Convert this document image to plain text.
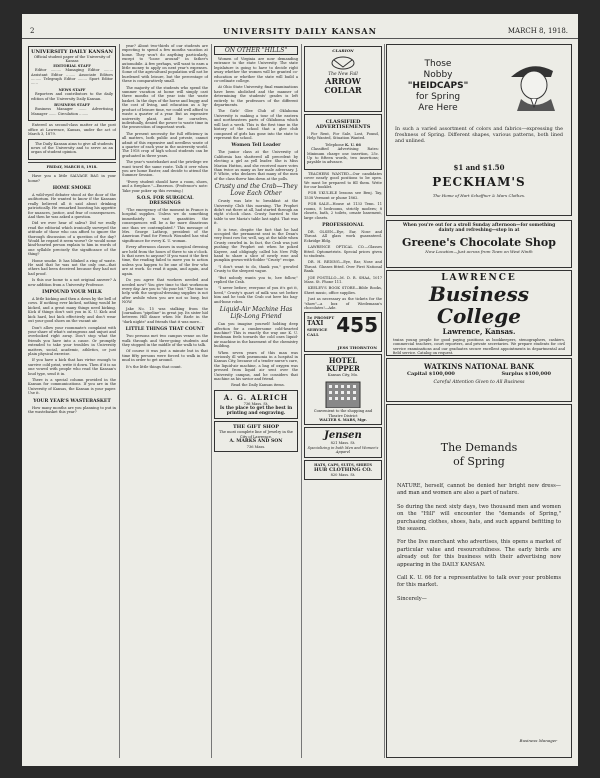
2	UNIVERSITY DAILY KANSAN	MARCH 8, 1918.
UNIVERSITY DAILY KANSAN
Official student paper of the University of Kansas
EDITORIAL STAFF

Editor ......... Managing Editor ........ Assistant Editor ........ Associate Editors ......... Telegraph Editor ........ Sport Editor ......

NEWS STAFF

Reporters and contributors to the daily edition of the University Daily Kansan.

BUSINESS STAFF

Business Manager ....... Advertising Manager ....... Circulation ........

Entered as second-class matter at the post office at Lawrence, Kansas, under the act of March 3, 1879.

The Daily Kansan aims to give all students news of the University and to serve as an organ of student opinion.

FRIDAY, MARCH 8, 1918.

Have you a little SALVAGE BAG in your home?

HOME SMOKE

A wild-eyed debater stood at the door of the auditorium. He wanted to know if the Kansans really believed all it said about drinking patriotically. He remarked boosting his appetite for nuances, justice, and fear of consequences. And then he was asked a question.

Did we ever hear of saliva? Did we really read the editorial which ironically surveyed the attitude of those who can afford to ignore the thorough discussion of a question of the day? Would he regard it seem worse? Or would some kind-hearted person explain to him in words of one syllable precisely the significance of the thing?

Home smoke. It has blinked a ring of waste. He said that he was not the only one—that others had been deceived because they had not had proof.

Is this our home to a not original answer? A new addition from a University Professor.

IMPOUND YOUR MILK

A little kicking and then a down by the bell of cows. If nothing ever kicked, nothing would be kicked, and a great many things need kicking. Kick if things don't suit you in K. U. Kick and kick hard, but kick effectively and don't wear out your good shoes on the vacant air.

Don't allow your roommate's complaint with your share of what's outrageous and unjust and overlooked right away. Don't stop what the friends you have into a cause. Or promptly extended to take your troubles in University matters, social, academic, athletics, or just plain physical exercise.

If you have a kick that has virtue enough to survive cold print, write it down. Then if it is no one vowed with people who read the Kansan's loud type, send it in.

There is a special column provided in the Kansan for communications. If you are in the University of Kansas, the Kansan is your paper. Use it.

YOUR YEAR'S WASTEBASKET

How many months are you planning to put in the wastebasket this year?

year? About two-thirds of our students are expecting to spend a few months vacation at home. They won't do anything particularly, except to "loose around" in father's automobile. A few perhaps, will want to earn a little money to apply on next year's expenses. Some of the agricultural population will not be burdened with leisure, but the percentage of these is comparatively small.

The majority of the students who spend the summer vacation at home will simply cast three months of the year into the waste basket. In the days of the horse and buggy and the cost of living, and education as a by-product of leisure time, we could well afford to waste a quarter of a year. But as expensive university plant, and for ourselves, individually, denied the power to waste time in the prosecution of important work.

The present necessity for full efficiency in all matters, both public and private, cannot admit of this expensive and needless waste of a quarter of each year in the university world. The 1918 crop of high school students can be graduated in three years.

The year's wastebasket and the privilege we want travel the same route. Talk it over when you are home Easter, and decide to attend the Summer Session.

"Every student should have a room, shoes, and a fireplace."—Emerson. (Professor's note: Take your poker up this evening.)

S.O.S. FOR SURGICAL DRESSINGS

"The emergency of the moment in France is hospital supplies. Unless we do something immediately in vast quantities the consequences will be a far more disastrous one than we contemplated." This message of Mrs. George Lathrop, president of the American Fund for French Wounded has vital significance for every K. U. woman.

Every afternoon classes in surgical dressing are held from the hours of three to six o'clock. Is that news to anyone? If you want it the first time, the reading failed to move you to action unless you happen to be one of the few who are at work. So read it again, and again, and again.

Do you agree that workers needed and needed now? You give time to that workroom every day. Are you to "do your bit." The time to help with the surgical-dressing supplies is not after awhile when you are not so busy, but NOW.

Jake No. 15 was stalking from the Journalism "pipeline" in great joy. Its sister hid between Hill dance when Mr. Earle in the "dark nights" and friends that it was more...

LITTLE THINGS THAT COUNT

Two persons met two campus venue on the walk through and three-going students and they stopped in the middle of the walk to talk.

Of course it was just a minute but in that time fifty persons were forced to walk in the mud in order to get around.

It's the little things that count.

ON OTHER "HILLS"

Women of Virginia are now demanding entrance to the state University. The state legislature is going to have to decide right away whether the women will be granted co-education or whether the state will build a co-ordinate college.

At Ohio State University, final examinations have been abolished and the manner of determining the students' grades is left entirely to the professors of the different departments.

The Girls' Glee Club of Oklahoma University is making a tour of the eastern and northeastern parts of Oklahoma which will last a week. This is the first time in the history of the school that a glee club composed of girls has gone into the state to represent the school.

Women Tell Leader

The junior class at the University of California has shattered all precedent by electing a girl as yell leader. She is Miss Marion Hutton, and she received more votes than twice as many as her male adversary. J. P. White, who declares that many of the men of the class threw him down at the polls.

Crusty and the Crab—They Love Each Other

Crusty was late to breakfast at the University Club this morning. The Prophet didn't eat there at all, had started through an eight o'clock class. Crusty hurried to the table to see Maria's table last night. That was it.

It is true, despite the fact that he had occupied the permanent seat in the Dean's very front row for, well, say, at the table when Crusty crawled in. In fact, the Crab was just pushing the Prophet out when he poked Kayeee, and obligingly called his New Pilly hand to share a slice of newly rose and pumpkin grown-with-fodder "Crusty" recipe.

"I don't want to do, thank you," growled Crusty to the sleepest vague.

"But nobody wants you to, hee follow," replied the Crab.

"I never before; everyone of you it's got it, heed," Crusty's quart of milk was set before him and he took the Crab out here his bag-and-bone robes.

Liquid-Air Machine Has Life-Long Friend

Can you imagine yourself holding deep affection for a cumbersome cold-hearted machine? This is exactly the way one K. U. freshman feels towards the cold ones liquid-air machine in the basement of the chemistry building.

When seven years of this man was seriously ill with pneumonia in a hospital in Kansas City, because of a tender nurse's care, the liquid-air machine, a bag of oxygen was pressed from liquid air sent over the University campus, and he considers that machine as his savior and friend.

Read the Daily Kansan items.

A. G. ALRICH
736 Mass. St.
Is the place to get the best in printing and engraving.
THE GIFT SHOP
The most complete line of Jewelry in the City of Lawrence.
A. MARKS AND SON
736 Mass.
CLARION
The New Fall
ARROW COLLAR
CLASSIFIED ADVERTISEMENTS

For Rent, For Sale, Lost, Found, Help Wanted, Situation Wanted.

Telephone K. U. 66

Classified Advertising Rates: Minimum charge one insertion, 25c. Up to fifteen words, two insertions; payable in advance.

TEACHERS WANTED—Our candidates cover nearly good positions to be open. We must be prepared to fill them. Write for our booklet.

FOR UKULELE lessons see Benj. Tay, 1538 Vermont or phone 1862.

FOR SALE—House at 1133 Tenn. 11 rooms, 8 bedrooms, strictly modern; 8 closets, bath, 2 toilets, ornate basement, large closets.

PROFESSIONAL

DR. OLSEN—Eye, Ear, Nose and Throat. All glass work guaranteed. Eckridge Bldg.

LAWRENCE OPTICAL CO.—Glasses fitted. Optometrists. Special prices given to students.

DR. H. REDING—Eye, Ear, Nose and Throat. Glasses fitted. Over First National Bank.

JOE POSTILLO—M. D. R. SHAA, 1017 Mass. St. Phone 111.

KEELEY'S BOOK STORE—Bible Books, Sheet music, office supplies.

Just as necessary as the tickets for the "show"—a box of Wiedemann's chocolates!—Ade.

5¢ PROMPT
TAXI
SERVICE
CALL 455
JESS THORNTON
HOTEL
KUPPER
Kansas City, Mo.
Convenient to the shopping and Theatre District
WALTER S. MARS, Mgr.
Jensen
821 Mass. St.
Specializing in both Men and Women's Apparel
HATS, CAPS, SUITS, SHIRTS
HUB CLOTHING CO.
820 Mass. St.
Those
Nobby
"HEIDCAPS"
for Spring
Are Here
In such a varied assortment of colors and fabrics—expressing the freshness of Spring. Different shapes, various patterns, both lined and unlined.
$1 and $1.50
PECKHAM'S
The Home of Hart Schaffner & Marx Clothes.
When you're out for a stroll Sunday afternoon—for something dainty and refreshing—stop in at
Greene's Chocolate Shop
Now Location—Just across from Town on West Ninth
LAWRENCE
Business College
Lawrence, Kansas.
trains young people for good paying positions as bookkeepers, stenographers, cashiers, commercial teachers, court reporters, and private secretaries. We prepare students for civil service examinations and our graduates secure excellent appointments in departmental and field service. Catalog on request.
WATKINS NATIONAL BANK
Capital $100,000	Surplus $100,000
Careful Attention Given to All Business
The Demands
of Spring

NATURE, herself, cannot be denied her bright new dress—and man and women are also a part of nature.

So during the next sixty days, two thousand men and women on the "Hill" will encounter the "demands of Spring," purchasing clothes, shoes, hats, and such apparel befitting to the season.

For the live merchant who advertises, this opens a market of particular value and resourcefulness. The early birds are already out for this business with their advertising now appearing in the DAILY KANSAN.

Call K. U. 66 for a representative to talk over your problems for this market.

Sincerely—

Business Manager
